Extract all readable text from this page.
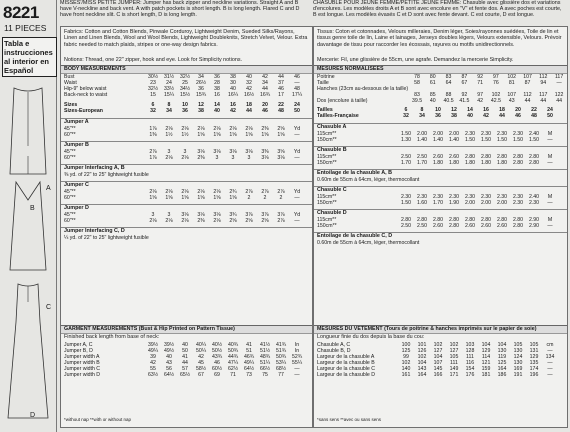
8221
11 PIECES
Tabla e instrucciones al interior en Español
A
B
C
D
MISSES'/MISS PETITE JUMPER: Jumper has back zipper and neckline variations. Straight A and B have V-neckline and back vent. A with patch pockets is short length. B is long length. Flared C and D have front neckline slit. C is short length, D is long length.
CHASUBLE POUR JEUNE FEMME/PETITE JEUNE FEMME: Chasuble avec glissière dos et variations d'encolures. Les modèles droits A et B sont avec encolure en "V" et fente dos. A avec poches est courte, B est longue. Les modèles évasés C et D sont avec fente devant. C est courte, D est longue.
Fabrics: Cotton and Cotton Blends, Pinwale Corduroy, Lightweight Denim, Sueded Silks/Rayons, Linen and Linen Blends, Wool and Wool Blends, Lightweight Doubleknits, Stretch Velvet, Velour. Extra fabric needed to match plaids, stripes or one-way design fabrics.
Notions: Thread, one 22" zipper, hook and eye. Look for Simplicity notions.
BODY MEASUREMENTS
GARMENT MEASUREMENTS (Bust & Hip Printed on Pattern Tissue)
Finished back length from base of neck:
*without nap **with or without nap
Bust	30½	31½	32½	34	36	38	40	42	44	46
Waist	23	24	25	26½	28	30	32	34	37	—
Hip-9" below waist	32½	33½	34½	36	38	40	42	44	46	48
Back-neck to waist	15	15¼	15½	15¾	16	16¼	16½	16¾	17	17¼
Sizes	6	8	10	12	14	16	18	20	22	24
Sizes-European	32	34	36	38	40	42	44	46	48	50
Jumper A
45"**	1⅞	2⅛	2⅛	2⅛	2⅛	2⅛	2⅛	2⅜	2⅝	Yd
60"**	1⅜	1½	1½	1⅝	1⅝	1⅝	1⅝	1⅝	1⅝	—
Jumper B
45"**	2⅞	3	3	3⅛	3⅛	3⅛	3⅛	3⅜	3⅝	Yd
60"**	1⅞	2⅛	2⅛	2⅜	3	3	3	3⅛	3⅛	—
Jumper Interfacing A, B
⅜ yd. of 22" to 25" lightweight fusible										
Jumper C
45"**	2⅛	2⅛	2⅛	2⅛	2⅛	2¾	2⅞	2⅞	2⅞	Yd
60"**	1⅝	1⅝	1⅝	1⅝	1⅝	1⅝	2	2	2	—
Jumper D
45"**	3	3	3⅛	3⅛	3⅛	3¾	3⅞	3⅞	3⅞	Yd
60"**	2⅛	2⅛	2⅛	2⅜	2⅛	2⅝	2⅝	2⅝	2⅞	—
Jumper Interfacing C, D
¼ yd. of 22" to 25" lightweight fusible										
Jumper A, C	39½	39½	40	40¼	40½	40¾	41	41½	41¾	In
Jumper B, D	49¼	49½	50	50¼	50½	50¾	51	51½	51¾	In
Jumper width A	39	40	41	42	43¾	44¾	46¾	48¾	50¾	52¾
Jumper width B	42	43	44	45	46	47¼	49¼	51¼	53¼	55¼
Jumper width C	55	56	57	58½	60½	62½	64½	66½	68½	—
Jumper width D	63½	64½	65½	67	69	71	73	75	77	—
Tissus: Coton et cotonnades, Velours milleraies, Denim léger, Soies/rayonnes suédées, Toile de lin et tissus genre toile de lin, Laine et lainages, Jerseys doubles légers, Velours extensible, Velours. Prévoir davantage de tissu pour raccorder les écossais, rayures ou motifs unidirectionnels.
Mercerie: Fil, une glissière de 55cm, une agrafe. Demandez la mercerie Simplicity.
MESURES NORMALISEES
MESURES DU VETEMENT (Tours de poitrine & hanches imprimés sur le papier de soie)
Longueur finie du dos depuis la base du cou:
*sans sens **avec ou sans sens
Poitrine	78	80	83	87	92	97	102	107	112	117
Taille	58	61	64	67	71	76	81	87	94	—
Hanches (23cm au-dessous de la taille)										
	83	85	88	92	97	102	107	112	117	122
Dos (encolure à taille)	39.5	40	40.5	41.5	42	42.5	43	44	44	44
Tailles	6	8	10	12	14	16	18	20	22	24
Tailles-Française	32	34	36	38	40	42	44	46	48	50
Chasuble A
115cm**	1.50	2.00	2.00	2.00	2.30	2.30	2.30	2.30	2.40	M
150cm**	1.30	1.40	1.40	1.40	1.50	1.50	1.50	1.50	1.50	—
Chasuble B
115cm**	2.50	2.50	2.60	2.60	2.80	2.80	2.80	2.80	2.80	M
150cm**	1.70	1.70	1.80	1.80	1.80	1.80	1.80	2.80	2.80	—
Entoilage de la chasuble A, B
0.60m de 55cm à 64cm, léger, thermocollant										
Chasuble C
115cm**	2.30	2.30	2.30	2.30	2.30	2.30	2.30	2.30	2.40	M
150cm**	1.50	1.60	1.70	1.90	2.00	2.00	2.00	2.30	2.30	—
Chasuble D
115cm**	2.80	2.80	2.80	2.80	2.80	2.80	2.80	2.80	2.90	M
150cm**	2.50	2.50	2.60	2.80	2.60	2.60	2.60	2.80	2.90	—
Entoilage de la chasuble C, D
0.60m de 55cm à 64cm, léger, thermocollant										
Chasuble A, C	100	101	102	102	103	104	104	105	105	cm
Chasuble B, D	125	126	127	127	128	129	130	130	131	—
Largeur de la chasuble A	99	102	104	105	111	114	119	124	129	134
Largeur de la chasuble B	102	104	107	111	116	121	125	130	135	—
Largeur de la chasuble C	140	143	145	149	154	159	164	169	174	—
Largeur de la chasuble D	161	164	166	171	176	181	186	191	196	—
